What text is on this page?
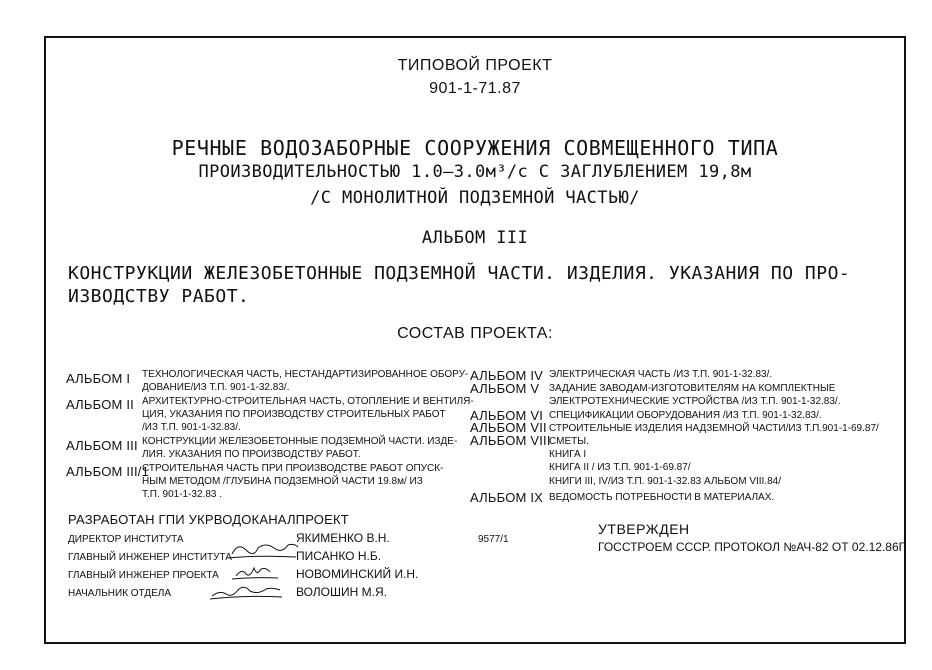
ТИПОВОЙ ПРОЕКТ
901-1-71.87
РЕЧНЫЕ ВОДОЗАБОРНЫЕ СООРУЖЕНИЯ СОВМЕЩЕННОГО ТИПА
ПРОИЗВОДИТЕЛЬНОСТЬЮ 1.0—3.0м³/с С ЗАГЛУБЛЕНИЕМ 19,8м
/С МОНОЛИТНОЙ ПОДЗЕМНОЙ ЧАСТЬЮ/
АЛЬБОМ III
КОНСТРУКЦИИ ЖЕЛЕЗОБЕТОННЫЕ ПОДЗЕМНОЙ ЧАСТИ. ИЗДЕЛИЯ. УКАЗАНИЯ ПО ПРО-
ИЗВОДСТВУ РАБОТ.
СОСТАВ ПРОЕКТА:
АЛЬБОМ I ТЕХНОЛОГИЧЕСКАЯ ЧАСТЬ, НЕСТАНДАРТИЗИРОВАННОЕ ОБОРУ-
ДОВАНИЕ/ИЗ Т.П. 901-1-32.83/.
АЛЬБОМ II АРХИТЕКТУРНО-СТРОИТЕЛЬНАЯ ЧАСТЬ, ОТОПЛЕНИЕ И ВЕНТИЛЯ-
ЦИЯ, УКАЗАНИЯ ПО ПРОИЗВОДСТВУ СТРОИТЕЛЬНЫХ РАБОТ
/ИЗ Т.П. 901-1-32.83/.
АЛЬБОМ III КОНСТРУКЦИИ ЖЕЛЕЗОБЕТОННЫЕ ПОДЗЕМНОЙ ЧАСТИ. ИЗДЕ-
ЛИЯ. УКАЗАНИЯ ПО ПРОИЗВОДСТВУ РАБОТ.
АЛЬБОМ III/1
СТРОИТЕЛЬНАЯ ЧАСТЬ ПРИ ПРОИЗВОДСТВЕ РАБОТ ОПУСК-
НЫМ МЕТОДОМ /ГЛУБИНА ПОДЗЕМНОЙ ЧАСТИ 19.8м/ ИЗ
Т.П. 901-1-32.83 .
АЛЬБОМ IV ЭЛЕКТРИЧЕСКАЯ ЧАСТЬ /ИЗ Т.П. 901-1-32.83/.
АЛЬБОМ V ЗАДАНИЕ ЗАВОДАМ-ИЗГОТОВИТЕЛЯМ НА КОМПЛЕКТНЫЕ
ЭЛЕКТРОТЕХНИЧЕСКИЕ УСТРОЙСТВА /ИЗ Т.П. 901-1-32.83/.
АЛЬБОМ VI СПЕЦИФИКАЦИИ ОБОРУДОВАНИЯ /ИЗ Т.П. 901-1-32.83/.
АЛЬБОМ VII СТРОИТЕЛЬНЫЕ ИЗДЕЛИЯ НАДЗЕМНОЙ ЧАСТИ/ИЗ Т.П.901-1-69.87/
АЛЬБОМ VIII
СМЕТЫ.
КНИГА I
КНИГА II / ИЗ Т.П. 901-1-69.87/
КНИГИ III, IV/ИЗ Т.П. 901-1-32.83 АЛЬБОМ VIII.84/
АЛЬБОМ IX ВЕДОМОСТЬ ПОТРЕБНОСТИ В МАТЕРИАЛАХ.
РАЗРАБОТАН ГПИ УКРВОДОКАНАЛПРОЕКТ
ДИРЕКТОР ИНСТИТУТА	ЯКИМЕНКО В.Н.
ГЛАВНЫЙ ИНЖЕНЕР ИНСТИТУТА	ПИСАНКО Н.Б.
ГЛАВНЫЙ ИНЖЕНЕР ПРОЕКТА	НОВОМИНСКИЙ И.Н.
НАЧАЛЬНИК ОТДЕЛА	ВОЛОШИН М.Я.
9577/1
УТВЕРЖДЕН
ГОССТРОЕМ СССР. ПРОТОКОЛ №АЧ-82 ОТ 02.12.86Г.
